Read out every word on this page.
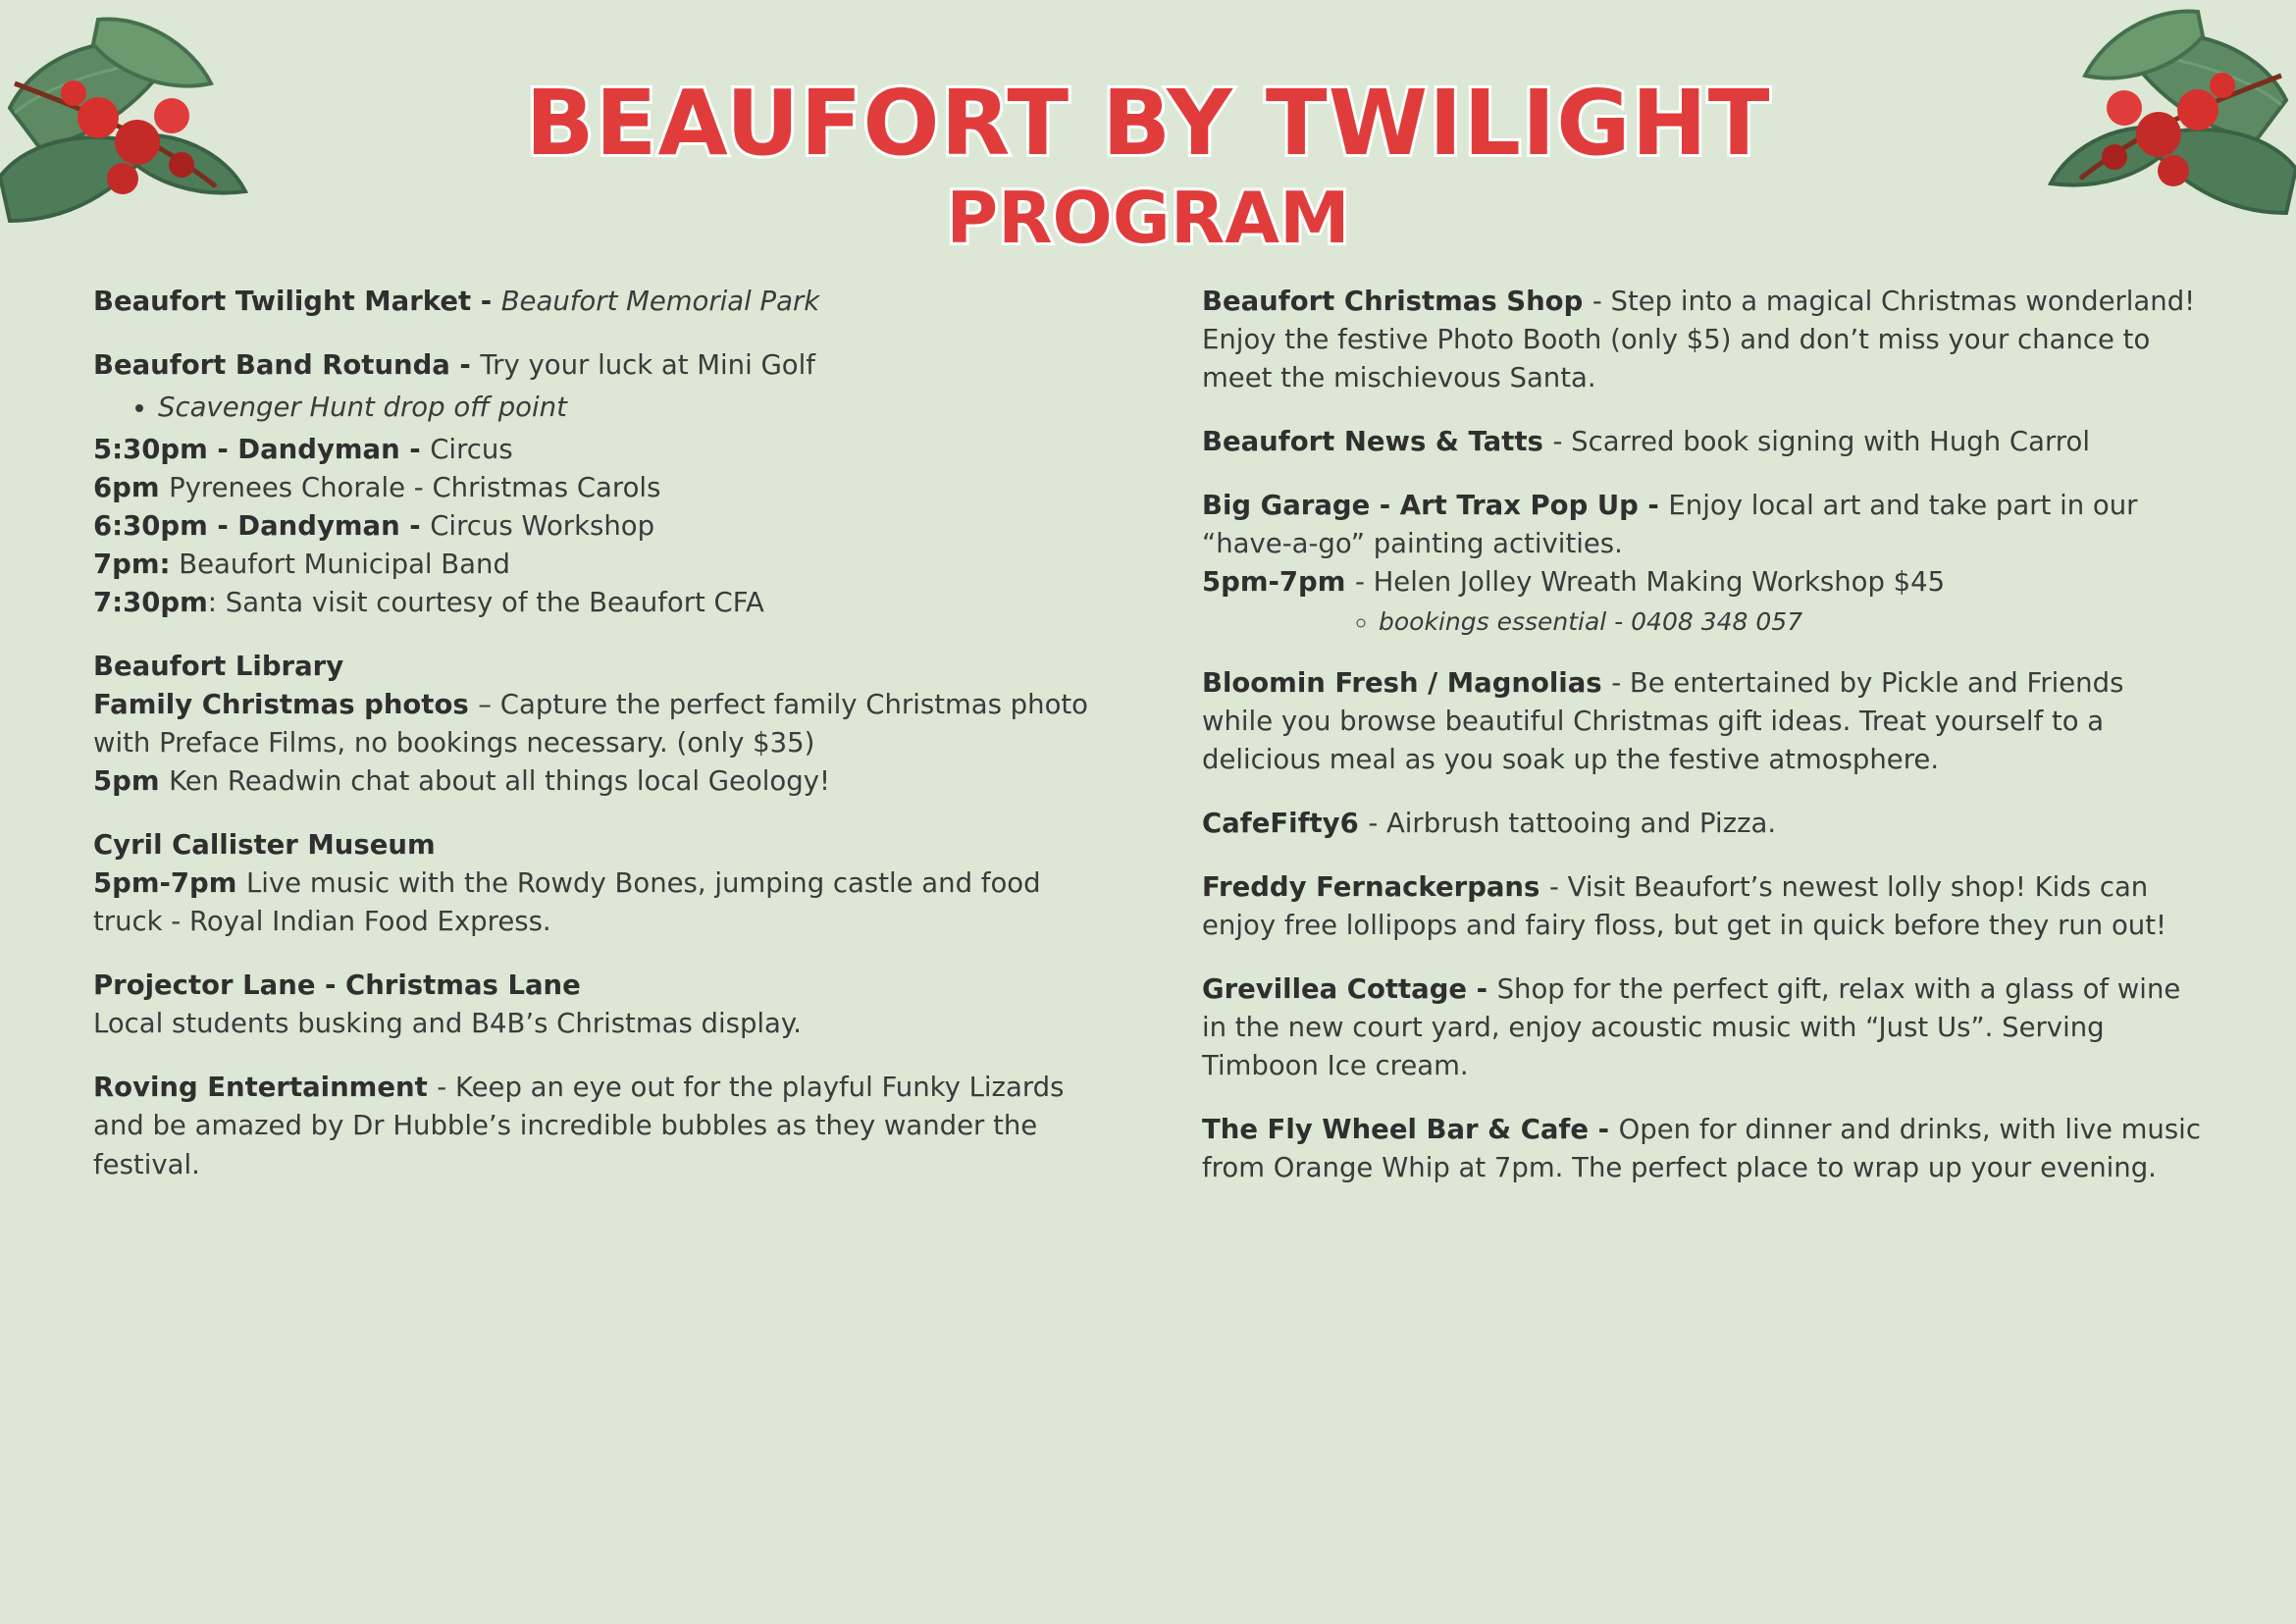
BEAUFORT BY TWILIGHT
PROGRAM
Beaufort Twilight Market - Beaufort Memorial Park
Beaufort Band Rotunda - Try your luck at Mini Golf
• Scavenger Hunt drop off point
5:30pm - Dandyman - Circus
6pm Pyrenees Chorale - Christmas Carols
6:30pm - Dandyman - Circus Workshop
7pm: Beaufort Municipal Band
7:30pm: Santa visit courtesy of the Beaufort CFA
Beaufort Library
Family Christmas photos – Capture the perfect family Christmas photo with Preface Films, no bookings necessary. (only $35)
5pm Ken Readwin chat about all things local Geology!
Cyril Callister Museum
5pm-7pm Live music with the Rowdy Bones, jumping castle and food truck - Royal Indian Food Express.
Projector Lane - Christmas Lane
Local students busking and B4B’s Christmas display.
Roving Entertainment - Keep an eye out for the playful Funky Lizards and be amazed by Dr Hubble’s incredible bubbles as they wander the festival.
Beaufort Christmas Shop - Step into a magical Christmas wonderland! Enjoy the festive Photo Booth (only $5) and don’t miss your chance to meet the mischievous Santa.
Beaufort News & Tatts - Scarred book signing with Hugh Carrol
Big Garage - Art Trax Pop Up - Enjoy local art and take part in our “have-a-go” painting activities.
5pm-7pm - Helen Jolley Wreath Making Workshop $45
◦ bookings essential - 0408 348 057
Bloomin Fresh / Magnolias - Be entertained by Pickle and Friends while you browse beautiful Christmas gift ideas. Treat yourself to a delicious meal as you soak up the festive atmosphere.
CafeFifty6 - Airbrush tattooing and Pizza.
Freddy Fernackerpans - Visit Beaufort’s newest lolly shop! Kids can enjoy free lollipops and fairy floss, but get in quick before they run out!
Grevillea Cottage - Shop for the perfect gift, relax with a glass of wine in the new court yard, enjoy acoustic music with “Just Us”. Serving Timboon Ice cream.
The Fly Wheel Bar & Cafe - Open for dinner and drinks, with live music from Orange Whip at 7pm. The perfect place to wrap up your evening.
